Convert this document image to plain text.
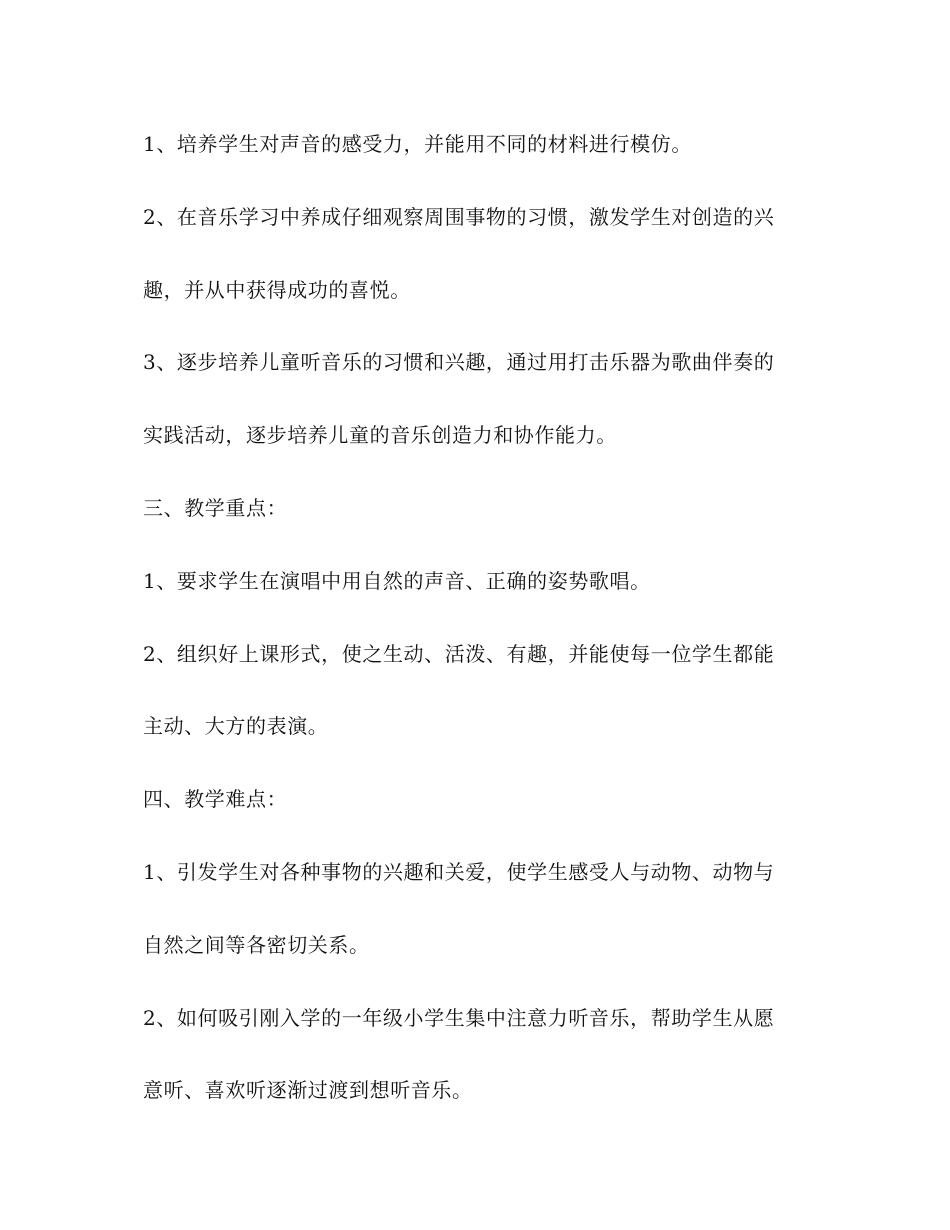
1、培养学生对声音的感受力，并能用不同的材料进行模仿。

2、在音乐学习中养成仔细观察周围事物的习惯，激发学生对创造的兴

趣，并从中获得成功的喜悦。

3、逐步培养儿童听音乐的习惯和兴趣，通过用打击乐器为歌曲伴奏的

实践活动，逐步培养儿童的音乐创造力和协作能力。

三、教学重点：

1、要求学生在演唱中用自然的声音、正确的姿势歌唱。

2、组织好上课形式，使之生动、活泼、有趣，并能使每一位学生都能

主动、大方的表演。

四、教学难点：

1、引发学生对各种事物的兴趣和关爱，使学生感受人与动物、动物与

自然之间等各密切关系。

2、如何吸引刚入学的一年级小学生集中注意力听音乐，帮助学生从愿

意听、喜欢听逐渐过渡到想听音乐。
